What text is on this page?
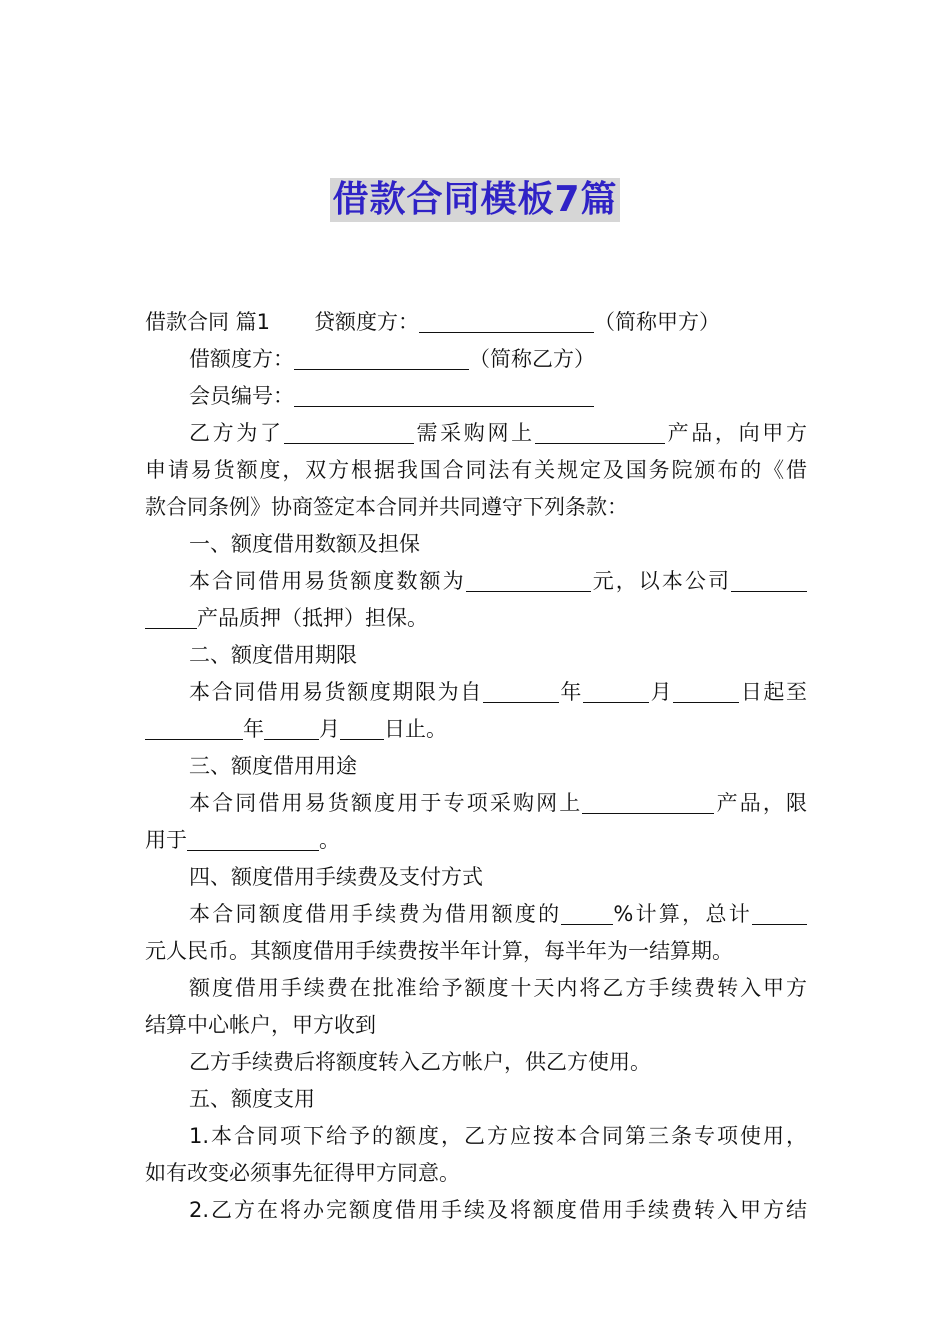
借款合同模板7篇
借款合同 篇1 贷额度方：	（简称甲方）
借额度方：	（简称乙方）
会员编号：
乙方为了	需采购网上	产品，向甲方
申请易货额度，双方根据我国合同法有关规定及国务院颁布的《借
款合同条例》协商签定本合同并共同遵守下列条款：
一、额度借用数额及担保
本合同借用易货额度数额为	元，以本公司
产品质押（抵押）担保。
二、额度借用期限
本合同借用易货额度期限为自	年	月	日起至
年	月 日止。
三、额度借用用途
本合同借用易货额度用于专项采购网上	产品，限
用于	。
四、额度借用手续费及支付方式
本合同额度借用手续费为借用额度的 %计算，总计
元人民币。其额度借用手续费按半年计算，每半年为一结算期。
额度借用手续费在批准给予额度十天内将乙方手续费转入甲方
结算中心帐户，甲方收到
乙方手续费后将额度转入乙方帐户，供乙方使用。
五、额度支用
1.本合同项下给予的额度，乙方应按本合同第三条专项使用，
如有改变必须事先征得甲方同意。
2.乙方在将办完额度借用手续及将额度借用手续费转入甲方结
